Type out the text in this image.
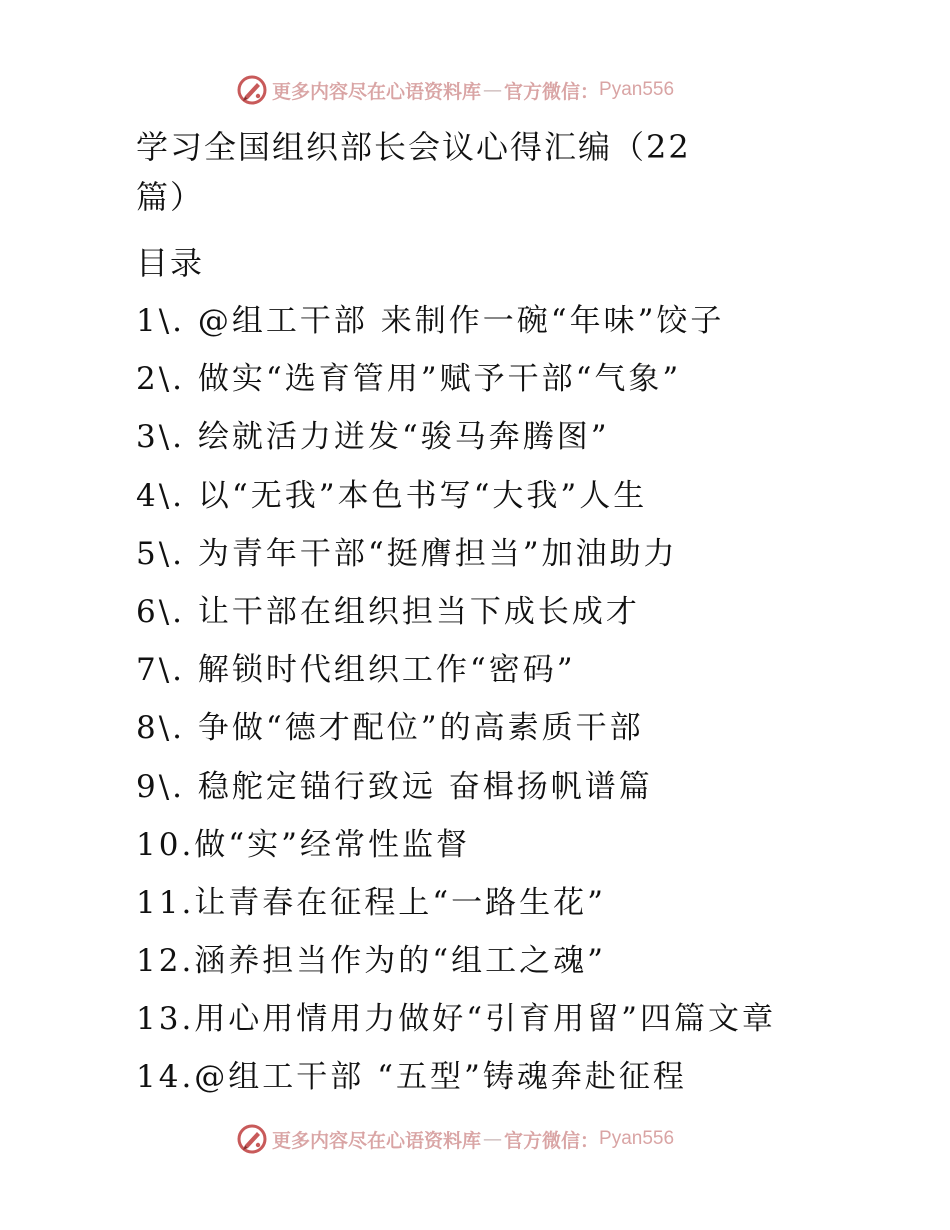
更多内容尽在心语资料库 — 官方微信： Pyan556
学习全国组织部长会议心得汇编（22篇）
目录
1\. @组工干部 来制作一碗“年味”饺子
2\. 做实“选育管用”赋予干部“气象”
3\. 绘就活力迸发“骏马奔腾图”
4\. 以“无我”本色书写“大我”人生
5\. 为青年干部“挺膺担当”加油助力
6\. 让干部在组织担当下成长成才
7\. 解锁时代组织工作“密码”
8\. 争做“德才配位”的高素质干部
9\. 稳舵定锚行致远 奋楫扬帆谱篇
10.做“实”经常性监督
11.让青春在征程上“一路生花”
12.涵养担当作为的“组工之魂”
13.用心用情用力做好“引育用留”四篇文章
14.@组工干部 “五型”铸魂奔赴征程
更多内容尽在心语资料库 — 官方微信： Pyan556
